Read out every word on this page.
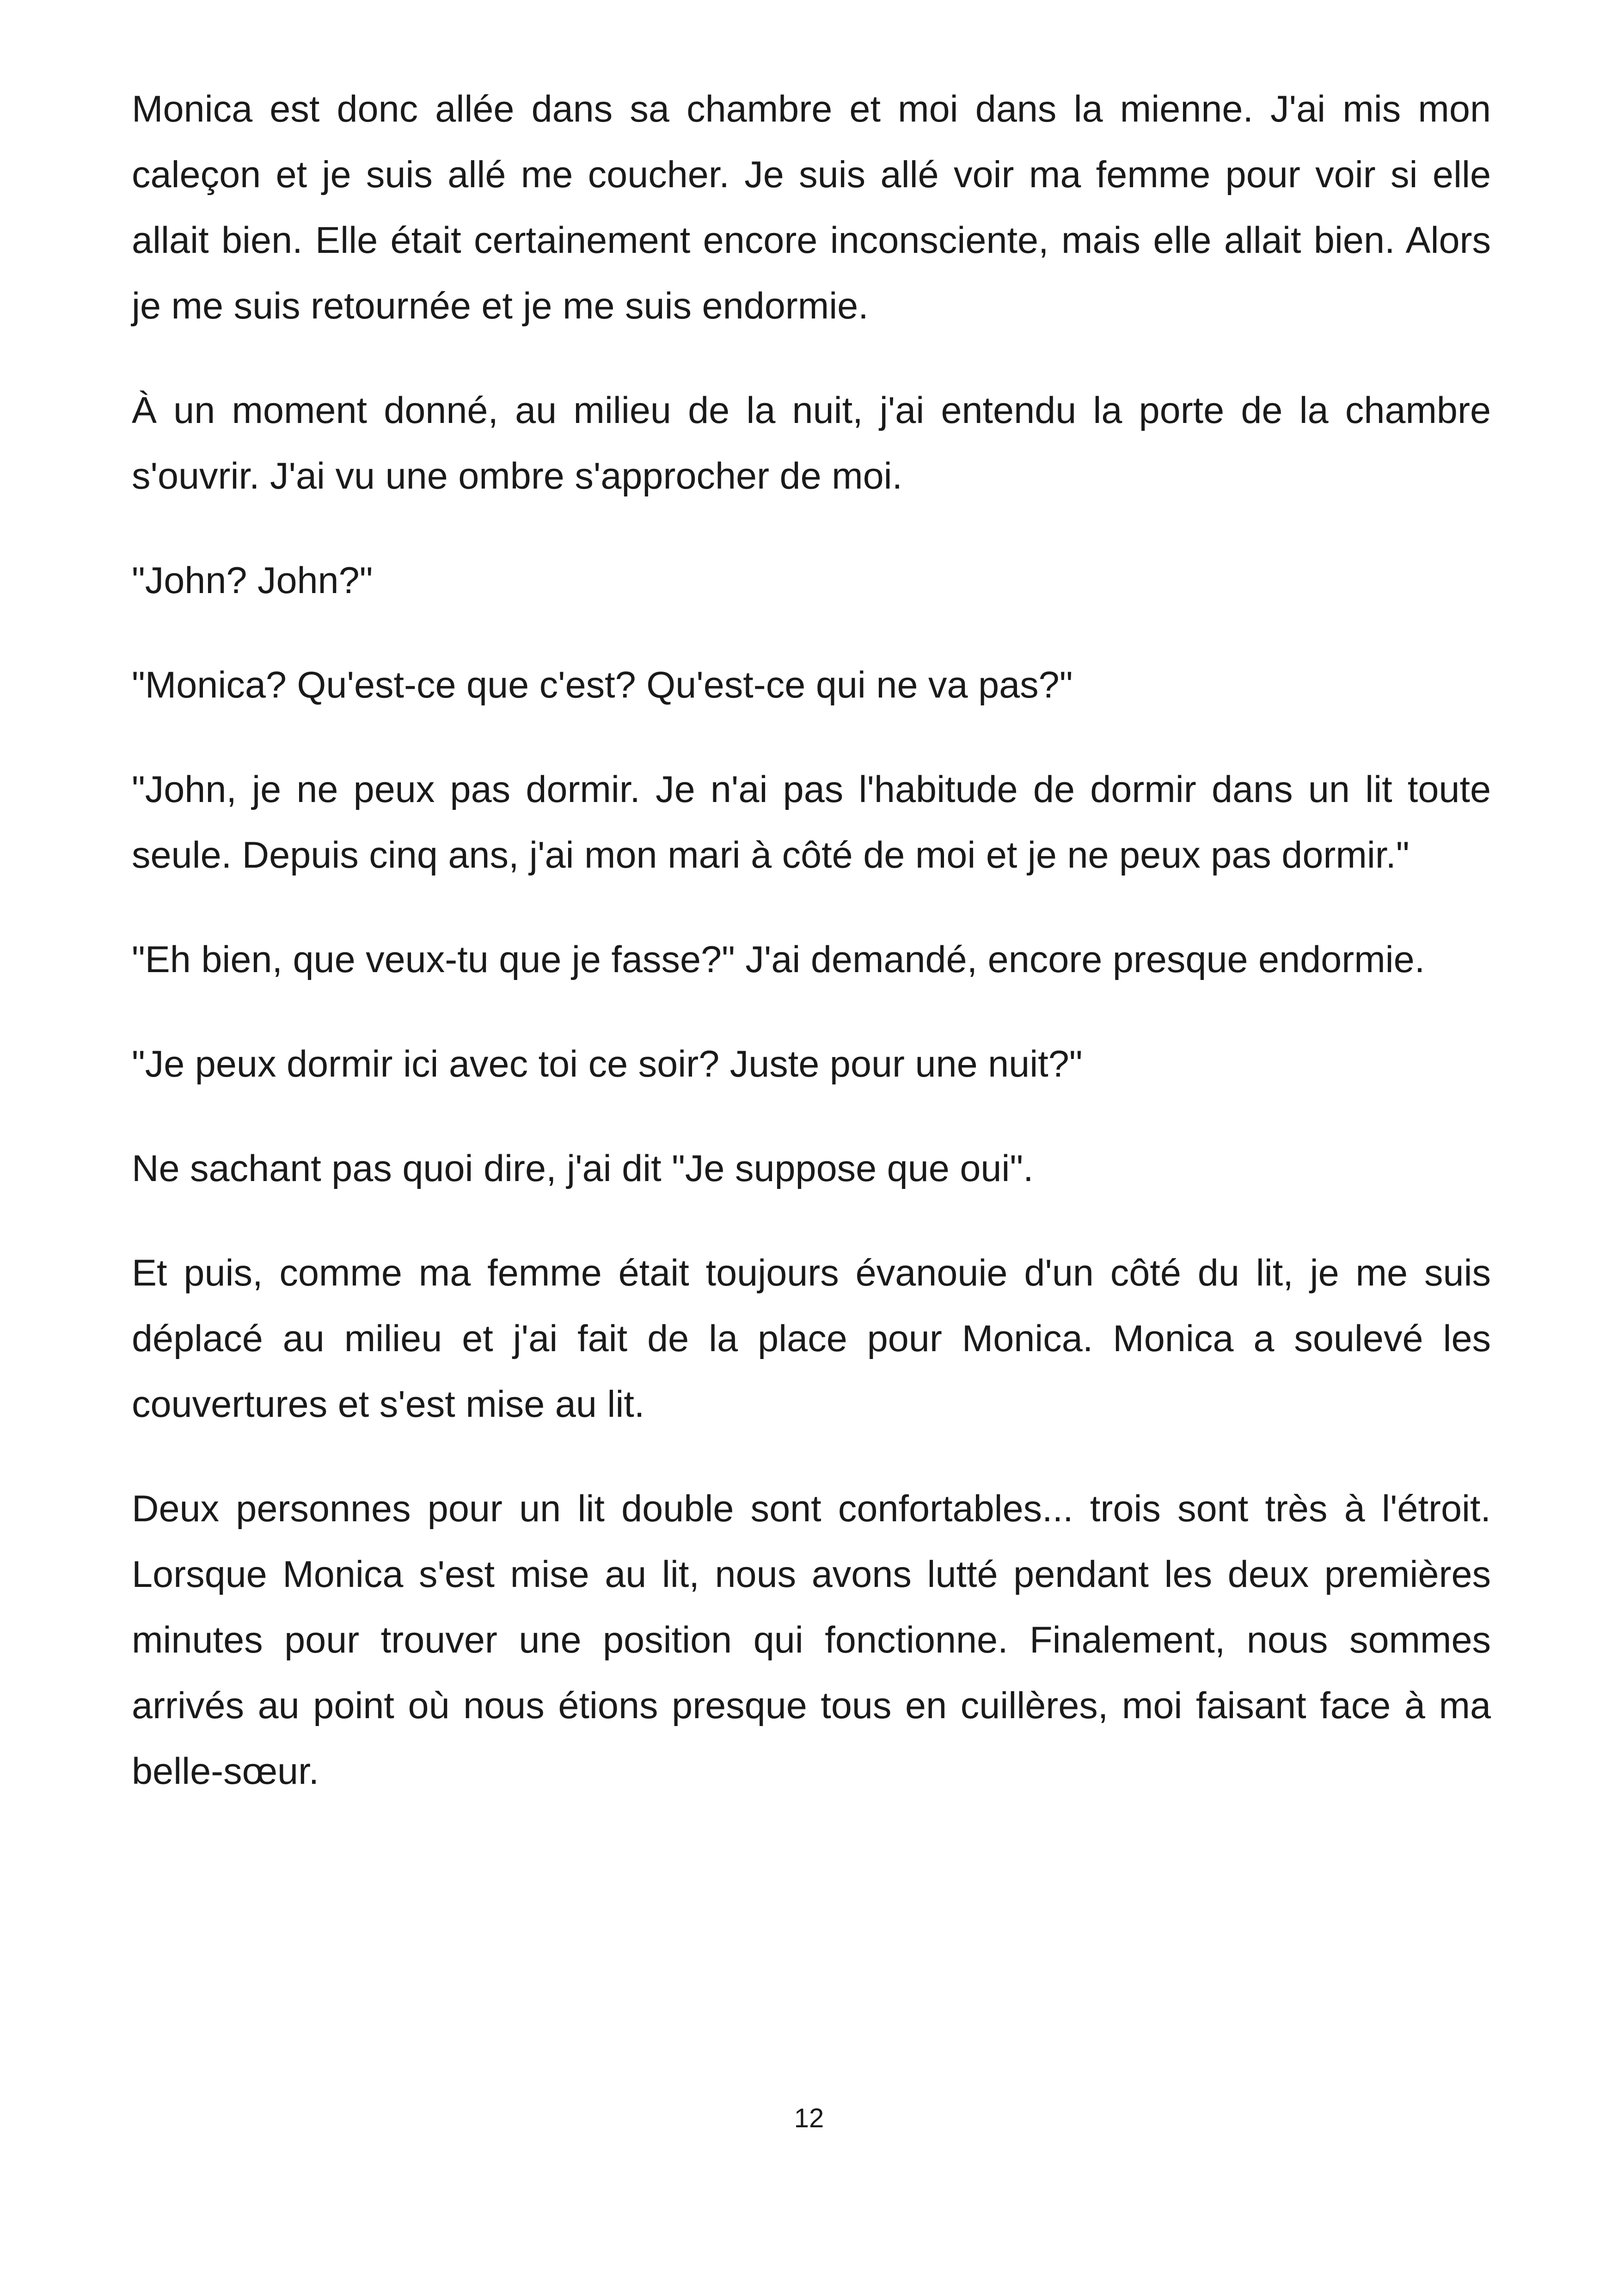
Monica est donc allée dans sa chambre et moi dans la mienne. J'ai mis mon caleçon et je suis allé me coucher. Je suis allé voir ma femme pour voir si elle allait bien. Elle était certainement encore inconsciente, mais elle allait bien. Alors je me suis retournée et je me suis endormie.

À un moment donné, au milieu de la nuit, j'ai entendu la porte de la chambre s'ouvrir. J'ai vu une ombre s'approcher de moi.

"John? John?"

"Monica? Qu'est-ce que c'est? Qu'est-ce qui ne va pas?"

"John, je ne peux pas dormir. Je n'ai pas l'habitude de dormir dans un lit toute seule. Depuis cinq ans, j'ai mon mari à côté de moi et je ne peux pas dormir."

"Eh bien, que veux-tu que je fasse?" J'ai demandé, encore presque endormie.

"Je peux dormir ici avec toi ce soir? Juste pour une nuit?"

Ne sachant pas quoi dire, j'ai dit "Je suppose que oui".

Et puis, comme ma femme était toujours évanouie d'un côté du lit, je me suis déplacé au milieu et j'ai fait de la place pour Monica. Monica a soulevé les couvertures et s'est mise au lit.

Deux personnes pour un lit double sont confortables... trois sont très à l'étroit. Lorsque Monica s'est mise au lit, nous avons lutté pendant les deux premières minutes pour trouver une position qui fonctionne. Finalement, nous sommes arrivés au point où nous étions presque tous en cuillères, moi faisant face à ma belle-sœur.

12
